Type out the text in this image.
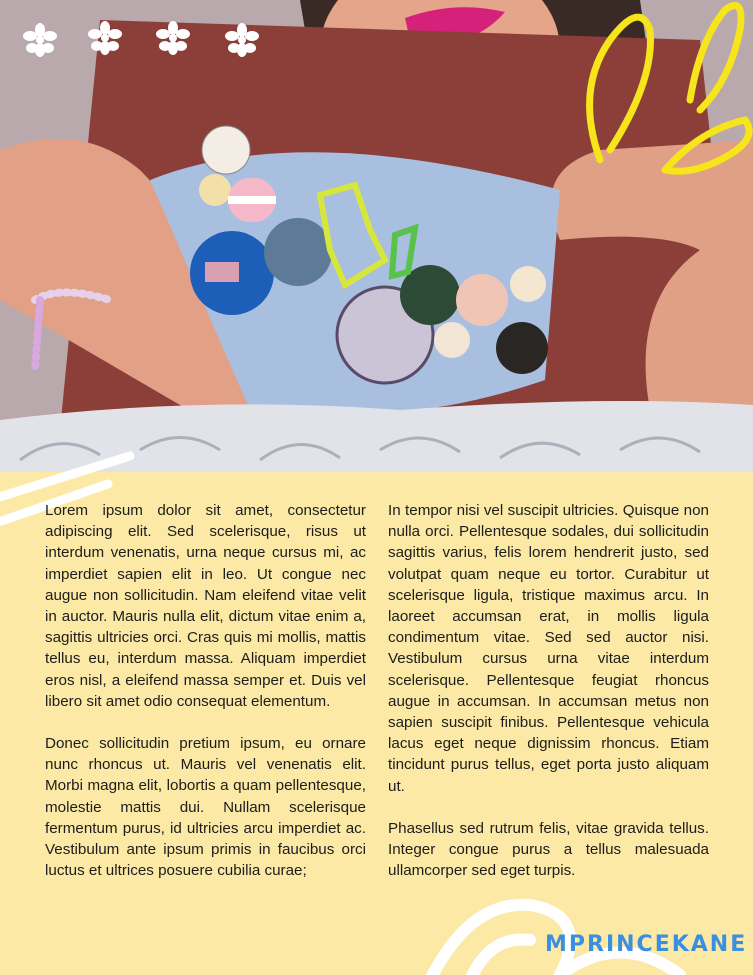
Lorem ipsum dolor sit amet, consectetur adipiscing elit. Sed scelerisque, risus ut interdum venenatis, urna neque cursus mi, ac imperdiet sapien elit in leo. Ut congue nec augue non sollicitudin. Nam eleifend vitae velit in auctor. Mauris nulla elit, dictum vitae enim a, sagittis ultricies orci. Cras quis mi mollis, mattis tellus eu, interdum massa. Aliquam imperdiet eros nisl, a eleifend massa semper et. Duis vel libero sit amet odio consequat elementum.

Donec sollicitudin pretium ipsum, eu ornare nunc rhoncus ut. Mauris vel venenatis elit. Morbi magna elit, lobortis a quam pellentesque, molestie mattis dui. Nullam scelerisque fermentum purus, id ultricies arcu imperdiet ac. Vestibulum ante ipsum primis in faucibus orci luctus et ultrices posuere cubilia curae;

In tempor nisi vel suscipit ultricies. Quisque non nulla orci. Pellentesque sodales, dui sollicitudin sagittis varius, felis lorem hendrerit justo, sed volutpat quam neque eu tortor. Curabitur ut scelerisque ligula, tristique maximus arcu. In laoreet accumsan erat, in mollis ligula condimentum vitae. Sed sed auctor nisi. Vestibulum cursus urna vitae interdum scelerisque. Pellentesque feugiat rhoncus augue in accumsan. In accumsan metus non sapien suscipit finibus. Pellentesque vehicula lacus eget neque dignissim rhoncus. Etiam tincidunt purus tellus, eget porta justo aliquam ut.

Phasellus sed rutrum felis, vitae gravida tellus. Integer congue purus a tellus malesuada ullamcorper sed eget turpis.

MPRINCEKANE
